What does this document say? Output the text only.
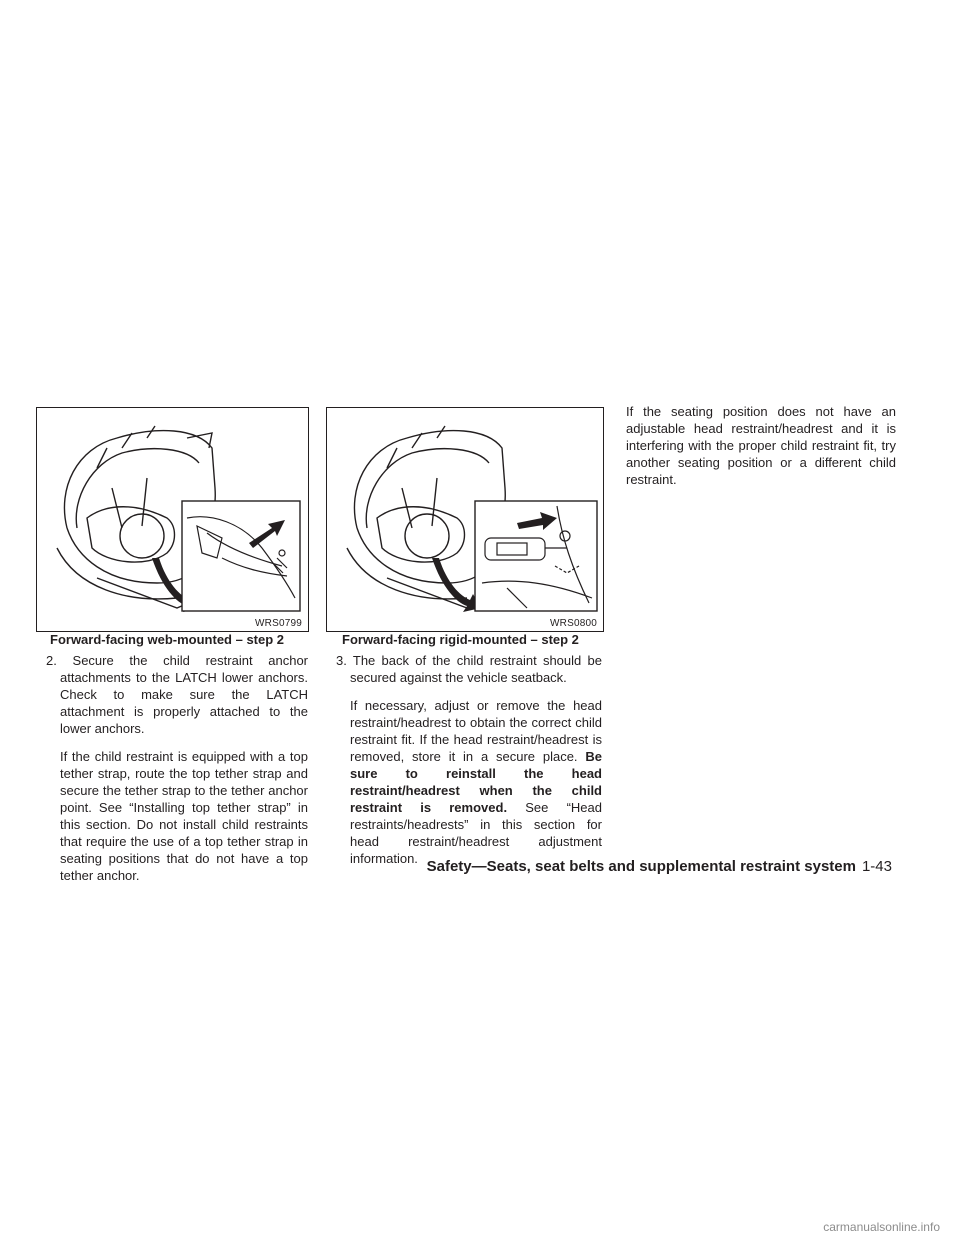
WRS0799
Forward-facing web-mounted – step 2
WRS0800
Forward-facing rigid-mounted – step 2

2. Secure the child restraint anchor attachments to the LATCH lower anchors. Check to make sure the LATCH attachment is properly attached to the lower anchors.

If the child restraint is equipped with a top tether strap, route the top tether strap and secure the tether strap to the tether anchor point. See “Installing top tether strap” in this section. Do not install child restraints that require the use of a top tether strap in seating positions that do not have a top tether anchor.

3. The back of the child restraint should be secured against the vehicle seatback.

If necessary, adjust or remove the head restraint/headrest to obtain the correct child restraint fit. If the head restraint/headrest is removed, store it in a secure place. Be sure to reinstall the head restraint/headrest when the child restraint is removed. See “Head restraints/headrests” in this section for head restraint/headrest adjustment information.

If the seating position does not have an adjustable head restraint/headrest and it is interfering with the proper child restraint fit, try another seating position or a different child restraint.

Safety—Seats, seat belts and supplemental restraint system 1-43
carmanualsonline.info
